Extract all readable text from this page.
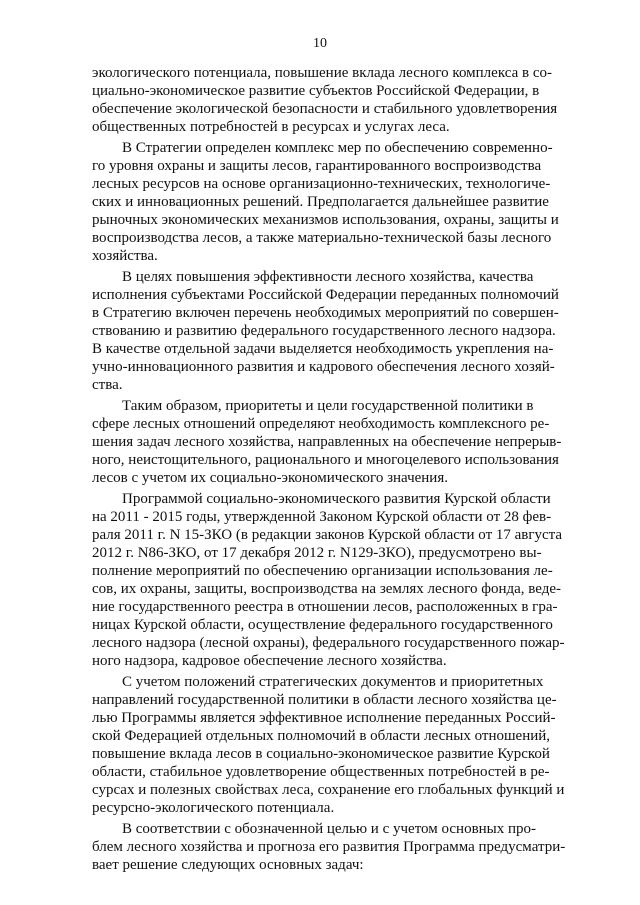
10

экологического потенциала, повышение вклада лесного комплекса в со-
циально-экономическое развитие субъектов Российской Федерации, в
обеспечение экологической безопасности и стабильного удовлетворения
общественных потребностей в ресурсах и услугах леса.

В Стратегии определен комплекс мер по обеспечению современно-
го уровня охраны и защиты лесов, гарантированного воспроизводства
лесных ресурсов на основе организационно-технических, технологиче-
ских и инновационных решений. Предполагается дальнейшее развитие
рыночных экономических механизмов использования, охраны, защиты и
воспроизводства лесов, а также материально-технической базы лесного
хозяйства.

В целях повышения эффективности лесного хозяйства, качества
исполнения субъектами Российской Федерации переданных полномочий
в Стратегию включен перечень необходимых мероприятий по совершен-
ствованию и развитию федерального государственного лесного надзора.
В качестве отдельной задачи выделяется необходимость укрепления на-
учно-инновационного развития и кадрового обеспечения лесного хозяй-
ства.

Таким образом, приоритеты и цели государственной политики в
сфере лесных отношений определяют необходимость комплексного ре-
шения задач лесного хозяйства, направленных на обеспечение непрерыв-
ного, неистощительного, рационального и многоцелевого использования
лесов с учетом их социально-экономического значения.

Программой социально-экономического развития Курской области
на 2011 - 2015 годы, утвержденной Законом Курской области от 28 фев-
раля 2011 г. N 15-ЗКО (в редакции законов Курской области от 17 августа
2012 г. N86-ЗКО, от 17 декабря 2012 г. N129-ЗКО), предусмотрено вы-
полнение мероприятий по обеспечению организации использования ле-
сов, их охраны, защиты, воспроизводства на землях лесного фонда, веде-
ние государственного реестра в отношении лесов, расположенных в гра-
ницах Курской области, осуществление федерального государственного
лесного надзора (лесной охраны), федерального государственного пожар-
ного надзора, кадровое обеспечение лесного хозяйства.

С учетом положений стратегических документов и приоритетных
направлений государственной политики в области лесного хозяйства це-
лью Программы является эффективное исполнение переданных Россий-
ской Федерацией отдельных полномочий в области лесных отношений,
повышение вклада лесов в социально-экономическое развитие Курской
области, стабильное удовлетворение общественных потребностей в ре-
сурсах и полезных свойствах леса, сохранение его глобальных функций и
ресурсно-экологического потенциала.

В соответствии с обозначенной целью и с учетом основных про-
блем лесного хозяйства и прогноза его развития Программа предусматри-
вает решение следующих основных задач:
